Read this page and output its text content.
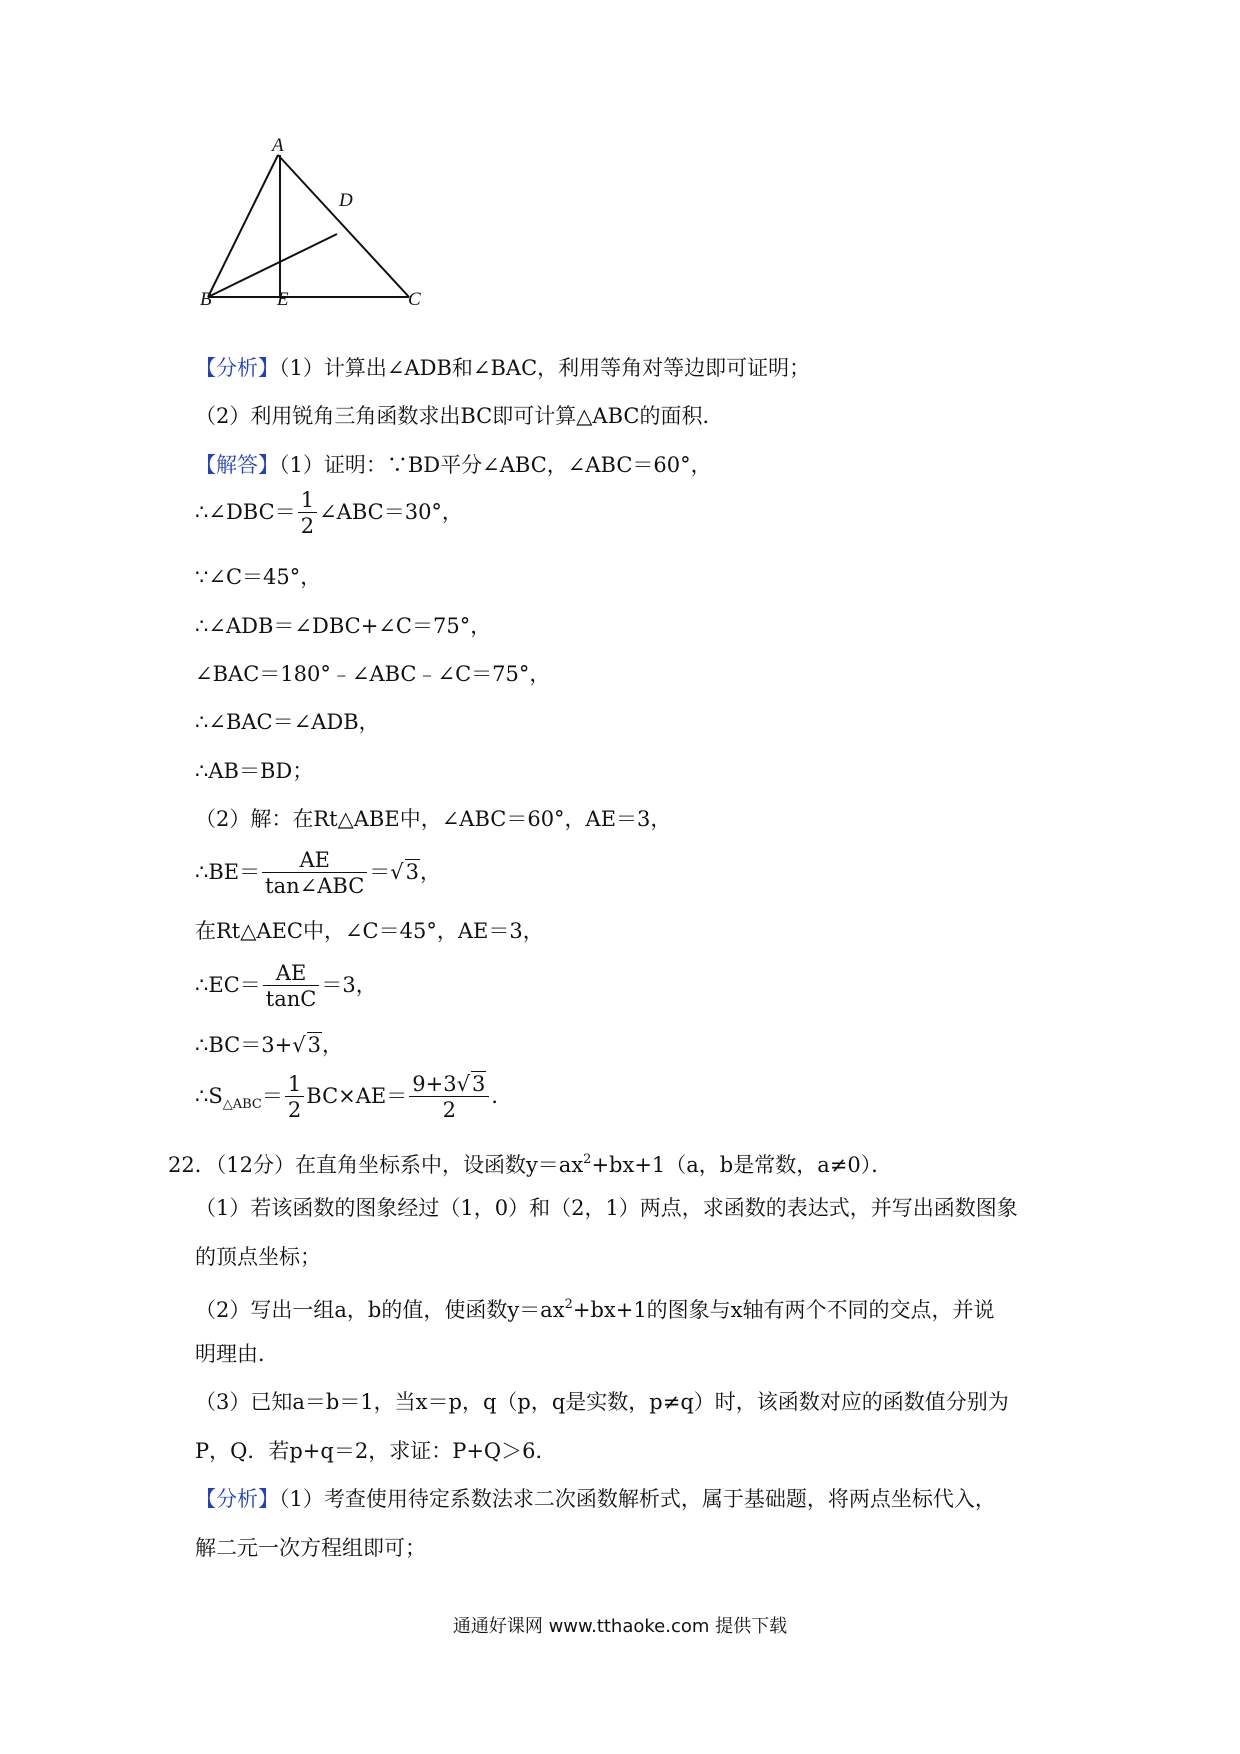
A
D
B	E	C
【分析】（1）计算出∠ADB和∠BAC，利用等角对等边即可证明；
（2）利用锐角三角函数求出BC即可计算△ABC的面积．
【解答】（1）证明：∵BD平分∠ABC，∠ABC＝60°，
∴∠DBC＝ $\frac{1}{2}$ ∠ABC＝30°，
∵∠C＝45°，
∴∠ADB＝∠DBC+∠C＝75°，
∠BAC＝180°﹣∠ABC﹣∠C＝75°，
∴∠BAC＝∠ADB，
∴AB＝BD；
（2）解：在Rt△ABE中，∠ABC＝60°，AE＝3，
∴BE＝ $\frac{AE}{\text{tan∠ABC}} =√3$，
在Rt△AEC中，∠C＝45°，AE＝3，
∴EC＝ $\frac{AE}{\tan C} =3$，
∴BC＝3+√3，
$\therefore S_{\triangle ABC}= \frac{1}{2} BC\times AE= \frac{9+3√3}{2}$ ．
22．（12分）在直角坐标系中，设函数$y=ax^2+bx+1(a$，b是常数，a≠0）．
（1）若该函数的图象经过（1，0）和（2，1）两点，求函数的表达式，并写出函数图象
的顶点坐标；
（2）写出一组a，b的值，使函数$y=ax^2+bx+1$的图象与x轴有两个不同的交点，并说
明理由．
（3）已知a＝b＝1，当x＝p，q（p，q是实数，p≠q）时，该函数对应的函数值分别为
P，Q．若p+q＝2，求证：P+Q＞6．
【分析】（1）考查使用待定系数法求二次函数解析式，属于基础题，将两点坐标代入，
解二元一次方程组即可；
通通好课网 www.tthaoke.com 提供下载
